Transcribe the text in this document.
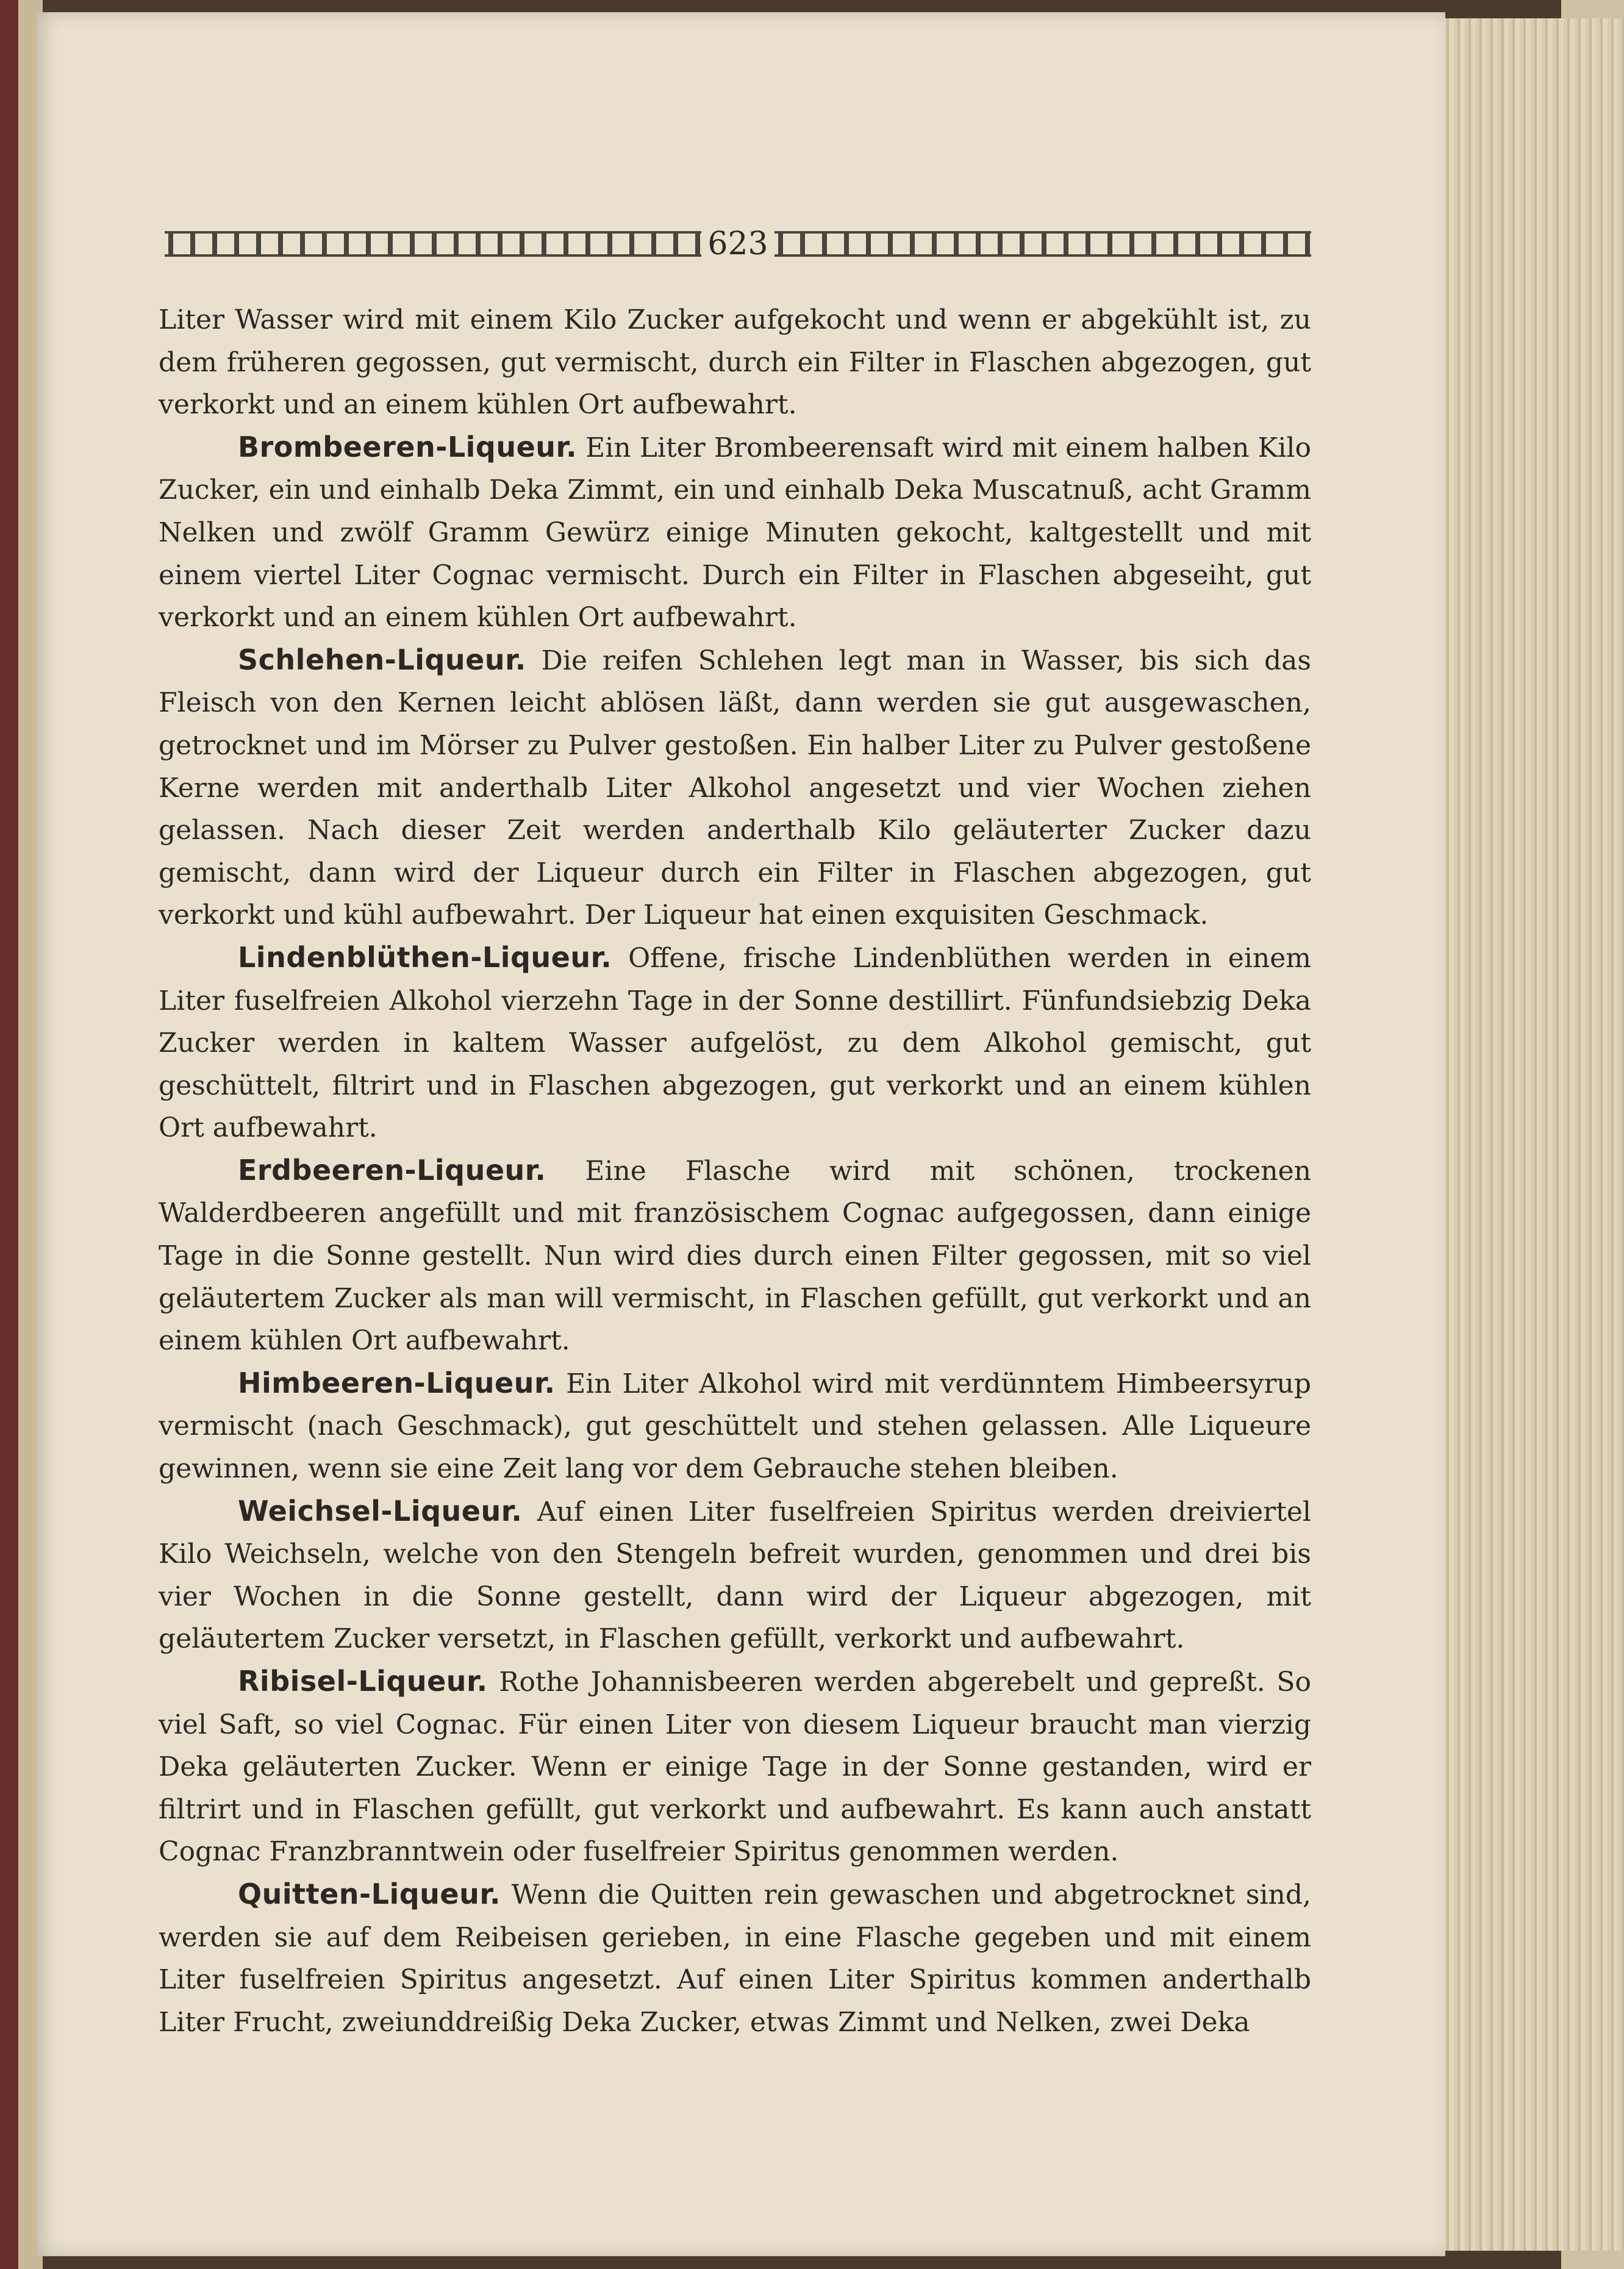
623

Liter Wasser wird mit einem Kilo Zucker aufgekocht und wenn er abgekühlt ist, zu dem früheren gegossen, gut vermischt, durch ein Filter in Flaschen abgezogen, gut verkorkt und an einem kühlen Ort aufbewahrt.

Brombeeren-Liqueur. Ein Liter Brombeerensaft wird mit einem halben Kilo Zucker, ein und einhalb Deka Zimmt, ein und einhalb Deka Muscatnuß, acht Gramm Nelken und zwölf Gramm Gewürz einige Minuten gekocht, kaltgestellt und mit einem viertel Liter Cognac vermischt. Durch ein Filter in Flaschen abgeseiht, gut verkorkt und an einem kühlen Ort aufbewahrt.

Schlehen-Liqueur. Die reifen Schlehen legt man in Wasser, bis sich das Fleisch von den Kernen leicht ablösen läßt, dann werden sie gut ausgewaschen, getrocknet und im Mörser zu Pulver gestoßen. Ein halber Liter zu Pulver gestoßene Kerne werden mit anderthalb Liter Alkohol angesetzt und vier Wochen ziehen gelassen. Nach dieser Zeit werden anderthalb Kilo geläuterter Zucker dazu gemischt, dann wird der Liqueur durch ein Filter in Flaschen abgezogen, gut verkorkt und kühl aufbewahrt. Der Liqueur hat einen exquisiten Geschmack.

Lindenblüthen-Liqueur. Offene, frische Lindenblüthen werden in einem Liter fuselfreien Alkohol vierzehn Tage in der Sonne destillirt. Fünfundsiebzig Deka Zucker werden in kaltem Wasser aufgelöst, zu dem Alkohol gemischt, gut geschüttelt, filtrirt und in Flaschen abgezogen, gut verkorkt und an einem kühlen Ort aufbewahrt.

Erdbeeren-Liqueur. Eine Flasche wird mit schönen, trockenen Walderdbeeren angefüllt und mit französischem Cognac aufgegossen, dann einige Tage in die Sonne gestellt. Nun wird dies durch einen Filter gegossen, mit so viel geläutertem Zucker als man will vermischt, in Flaschen gefüllt, gut verkorkt und an einem kühlen Ort aufbewahrt.

Himbeeren-Liqueur. Ein Liter Alkohol wird mit verdünntem Himbeersyrup vermischt (nach Geschmack), gut geschüttelt und stehen gelassen. Alle Liqueure gewinnen, wenn sie eine Zeit lang vor dem Gebrauche stehen bleiben.

Weichsel-Liqueur. Auf einen Liter fuselfreien Spiritus werden dreiviertel Kilo Weichseln, welche von den Stengeln befreit wurden, genommen und drei bis vier Wochen in die Sonne gestellt, dann wird der Liqueur abgezogen, mit geläutertem Zucker versetzt, in Flaschen gefüllt, verkorkt und aufbewahrt.

Ribisel-Liqueur. Rothe Johannisbeeren werden abgerebelt und gepreßt. So viel Saft, so viel Cognac. Für einen Liter von diesem Liqueur braucht man vierzig Deka geläuterten Zucker. Wenn er einige Tage in der Sonne gestanden, wird er filtrirt und in Flaschen gefüllt, gut verkorkt und aufbewahrt. Es kann auch anstatt Cognac Franzbranntwein oder fuselfreier Spiritus genommen werden.

Quitten-Liqueur. Wenn die Quitten rein gewaschen und abgetrocknet sind, werden sie auf dem Reibeisen gerieben, in eine Flasche gegeben und mit einem Liter fuselfreien Spiritus angesetzt. Auf einen Liter Spiritus kommen anderthalb Liter Frucht, zweiunddreißig Deka Zucker, etwas Zimmt und Nelken, zwei Deka
